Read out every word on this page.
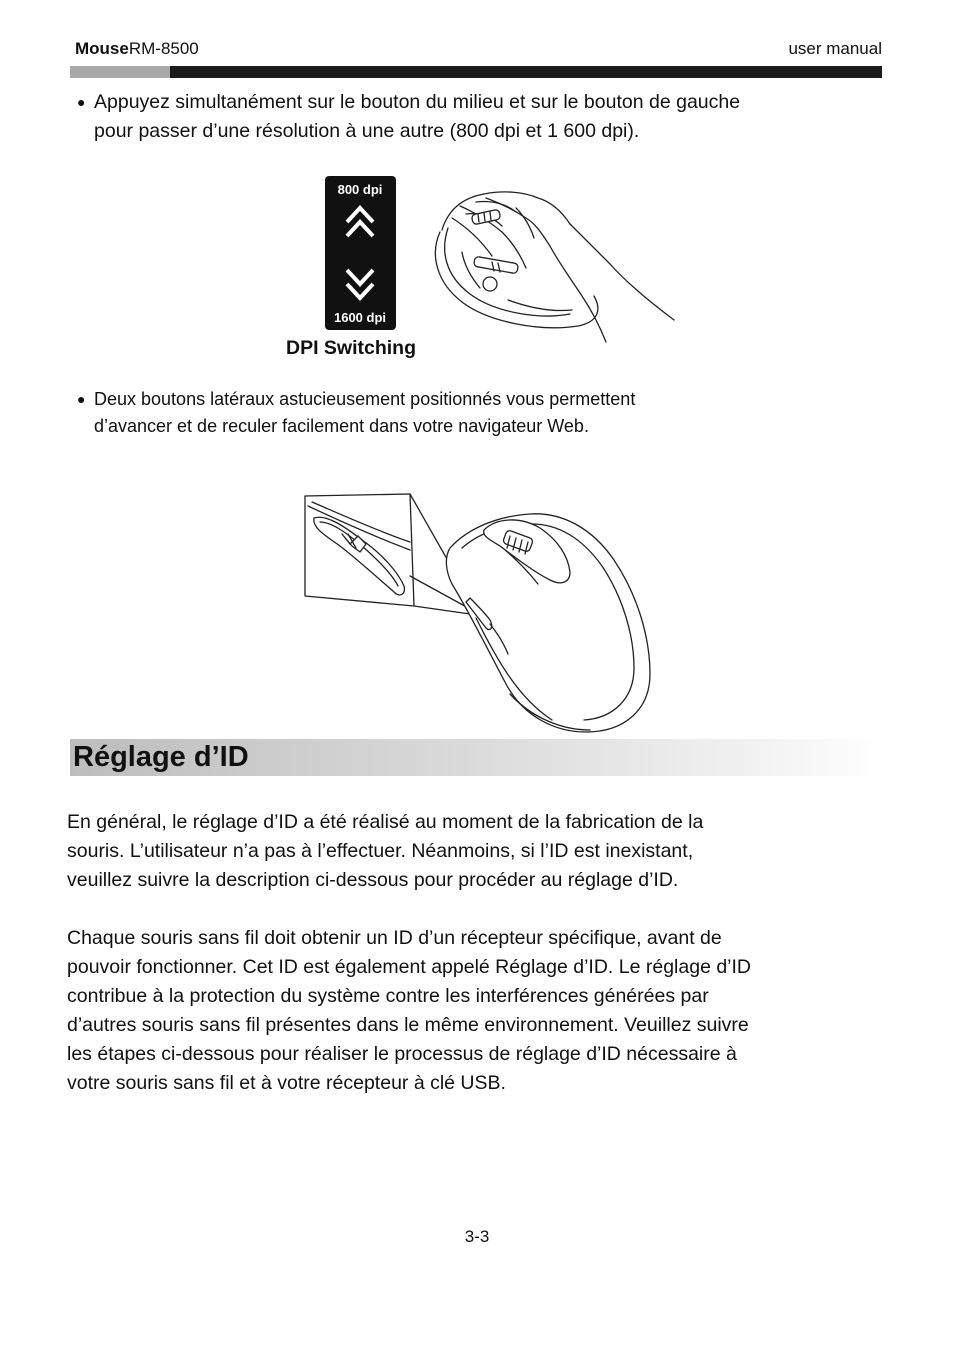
MouseRM-8500	user manual
● Appuyez simultanément sur le bouton du milieu et sur le bouton de gauche
pour passer d’une résolution à une autre (800 dpi et 1 600 dpi).
800 dpi
1600 dpi
DPI Switching
● Deux boutons latéraux astucieusement positionnés vous permettent
d’avancer et de reculer facilement dans votre navigateur Web.
Réglage d’ID
En général, le réglage d’ID a été réalisé au moment de la fabrication de la
souris. L’utilisateur n’a pas à l’effectuer. Néanmoins, si l’ID est inexistant,
veuillez suivre la description ci-dessous pour procéder au réglage d’ID.
Chaque souris sans fil doit obtenir un ID d’un récepteur spécifique, avant de
pouvoir fonctionner. Cet ID est également appelé Réglage d’ID. Le réglage d’ID
contribue à la protection du système contre les interférences générées par
d’autres souris sans fil présentes dans le même environnement. Veuillez suivre
les étapes ci-dessous pour réaliser le processus de réglage d’ID nécessaire à
votre souris sans fil et à votre récepteur à clé USB.
3-3
